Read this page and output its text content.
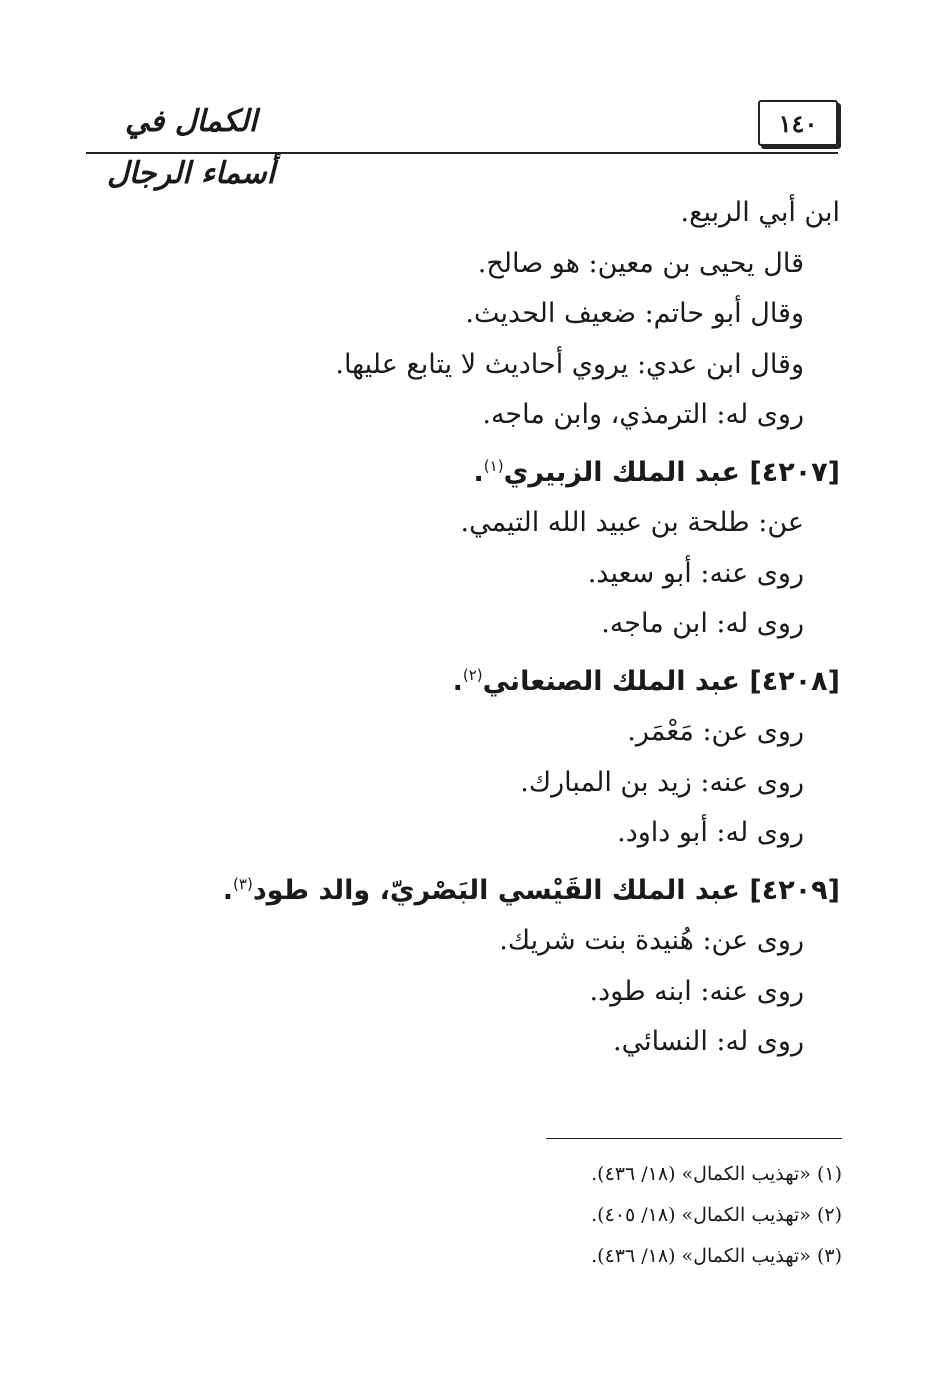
الكمال في أسماء الرجال
١٤٠
ابن أبي الربيع.
قال يحيى بن معين: هو صالح.
وقال أبو حاتم: ضعيف الحديث.
وقال ابن عدي: يروي أحاديث لا يتابع عليها.
روى له: الترمذي، وابن ماجه.
[٤٢٠٧] عبد الملك الزبيري$^{(١)}$.
عن: طلحة بن عبيد الله التيمي.
روى عنه: أبو سعيد.
روى له: ابن ماجه.
[٤٢٠٨] عبد الملك الصنعاني$^{(٢)}$.
روى عن: مَعْمَر.
روى عنه: زيد بن المبارك.
روى له: أبو داود.
[٤٢٠٩] عبد الملك القَيْسي البَصْريّ، والد طود$^{(٣)}$.
روى عن: هُنيدة بنت شريك.
روى عنه: ابنه طود.
روى له: النسائي.
(١) «تهذيب الكمال» (١٨/ ٤٣٦).
(٢) «تهذيب الكمال» (١٨/ ٤٠٥).
(٣) «تهذيب الكمال» (١٨/ ٤٣٦).
